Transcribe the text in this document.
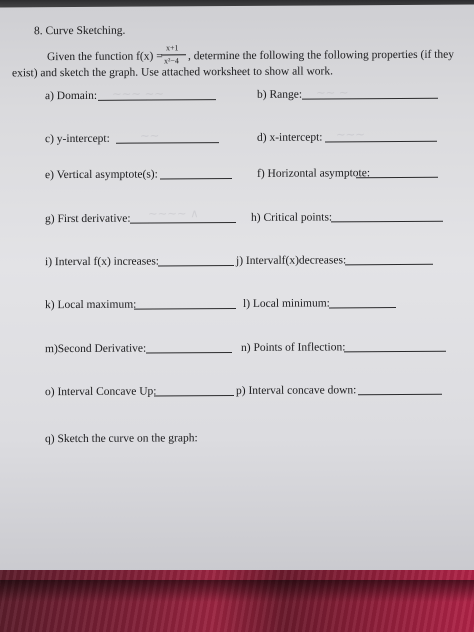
8. Curve Sketching.
Given the function f(x) =
x+1
x²−4 , determine the following the following properties (if they
exist) and sketch the graph. Use attached worksheet to show all work.
a) Domain: ∼∼∼ ∼∼	b) Range: ∼∼ ∼
c) y-intercept:	∼∼	d) x-intercept: ∼∼∼
e) Vertical asymptote(s):	f) Horizontal asymptote:
g) First derivative: ∼∼∼∼ ∧	h) Critical points:
i) Interval f(x) increases:	j) Intervalf(x)decreases:
k) Local maximum:	l) Local minimum:
m)Second Derivative:	n) Points of Inflection:
o) Interval Concave Up:	p) Interval concave down:
q) Sketch the curve on the graph:
